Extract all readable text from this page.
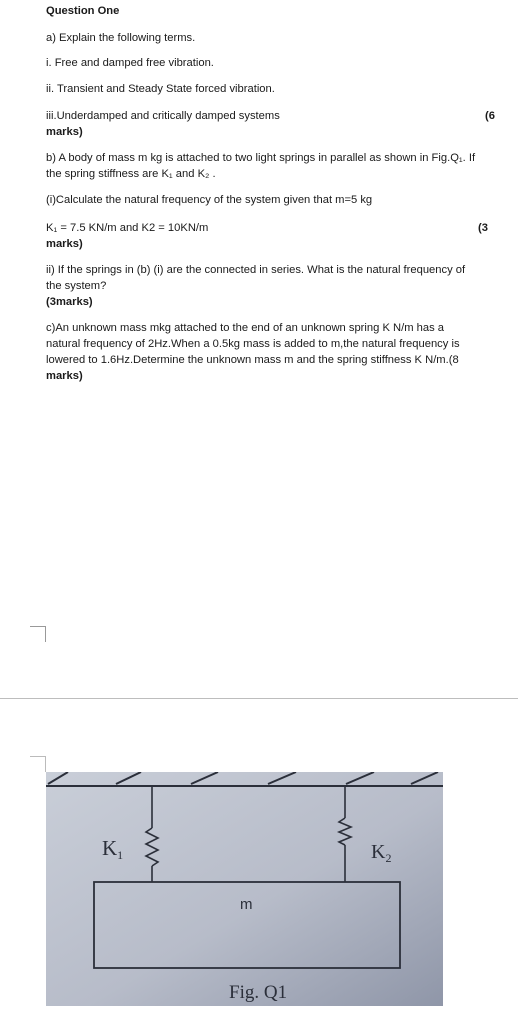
Question One
a) Explain the following terms.
i. Free and damped free vibration.
ii. Transient and Steady State forced vibration.
iii.Underdamped and critically damped systems	(6
marks)
b) A body of mass m kg is attached to two light springs in parallel as shown in Fig.Q₁. If
the spring stiffness are K₁ and K₂ .
(i)Calculate the natural frequency of the system given that m=5 kg
K₁ = 7.5 KN/m and K2 = 10KN/m	(3
marks)
ii) If the springs in (b) (i) are the connected in series. What is the natural frequency of
the system?
(3marks)
c)An unknown mass mkg attached to the end of an unknown spring K N/m has a
natural frequency of 2Hz.When a 0.5kg mass is added to m,the natural frequency is
lowered to 1.6Hz.Determine the unknown mass m and the spring stiffness K N/m.(8
marks)
K1	$K_2$
m
Fig. Q1
